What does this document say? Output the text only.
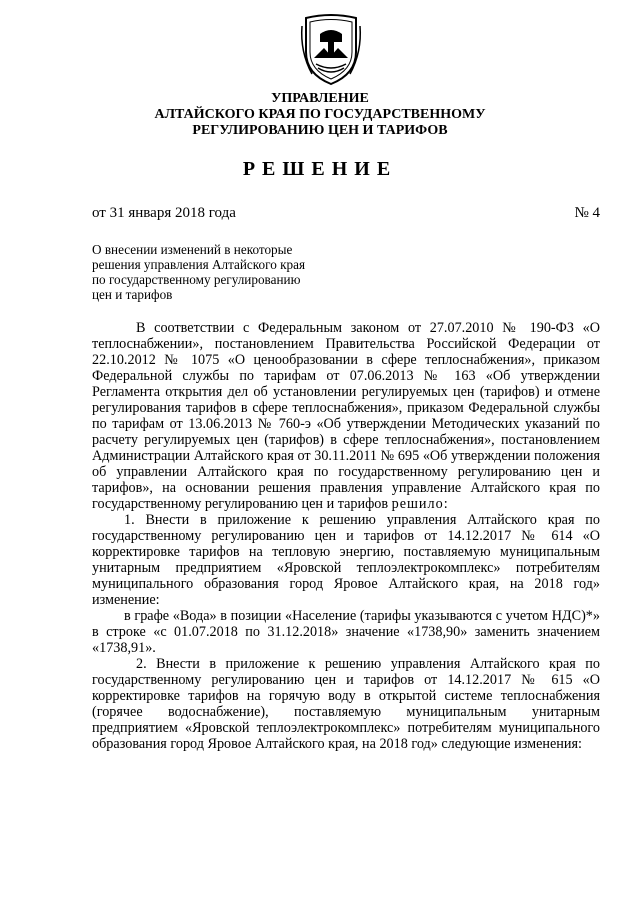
УПРАВЛЕНИЕ
АЛТАЙСКОГО КРАЯ ПО ГОСУДАРСТВЕННОМУ
РЕГУЛИРОВАНИЮ ЦЕН И ТАРИФОВ
РЕШЕНИЕ
от 31 января 2018 года	№ 4
О внесении изменений в некоторые
решения управления Алтайского края
по государственному регулированию
цен и тарифов

В соответствии с Федеральным законом от 27.07.2010 № 190-ФЗ «О теплоснабжении», постановлением Правительства Российской Федерации от 22.10.2012 № 1075 «О ценообразовании в сфере теплоснабжения», приказом Федеральной службы по тарифам от 07.06.2013 № 163 «Об утверждении Регламента открытия дел об установлении регулируемых цен (тарифов) и отмене регулирования тарифов в сфере теплоснабжения», приказом Федеральной службы по тарифам от 13.06.2013 № 760-э «Об утверждении Методических указаний по расчету регулируемых цен (тарифов) в сфере теплоснабжения», постановлением Администрации Алтайского края от 30.11.2011 № 695 «Об утверждении положения об управлении Алтайского края по государственному регулированию цен и тарифов», на основании решения правления управление Алтайского края по государственному регулированию цен и тарифов решило:

1. Внести в приложение к решению управления Алтайского края по государственному регулированию цен и тарифов от 14.12.2017 № 614 «О корректировке тарифов на тепловую энергию, поставляемую муниципальным унитарным предприятием «Яровской теплоэлектрокомплекс» потребителям муниципального образования город Яровое Алтайского края, на 2018 год» изменение:

в графе «Вода» в позиции «Население (тарифы указываются с учетом НДС)*» в строке «с 01.07.2018 по 31.12.2018» значение «1738,90» заменить значением «1738,91».

2. Внести в приложение к решению управления Алтайского края по государственному регулированию цен и тарифов от 14.12.2017 № 615 «О корректировке тарифов на горячую воду в открытой системе теплоснабжения (горячее водоснабжение), поставляемую муниципальным унитарным предприятием «Яровской теплоэлектрокомплекс» потребителям муниципального образования город Яровое Алтайского края, на 2018 год» следующие изменения:
